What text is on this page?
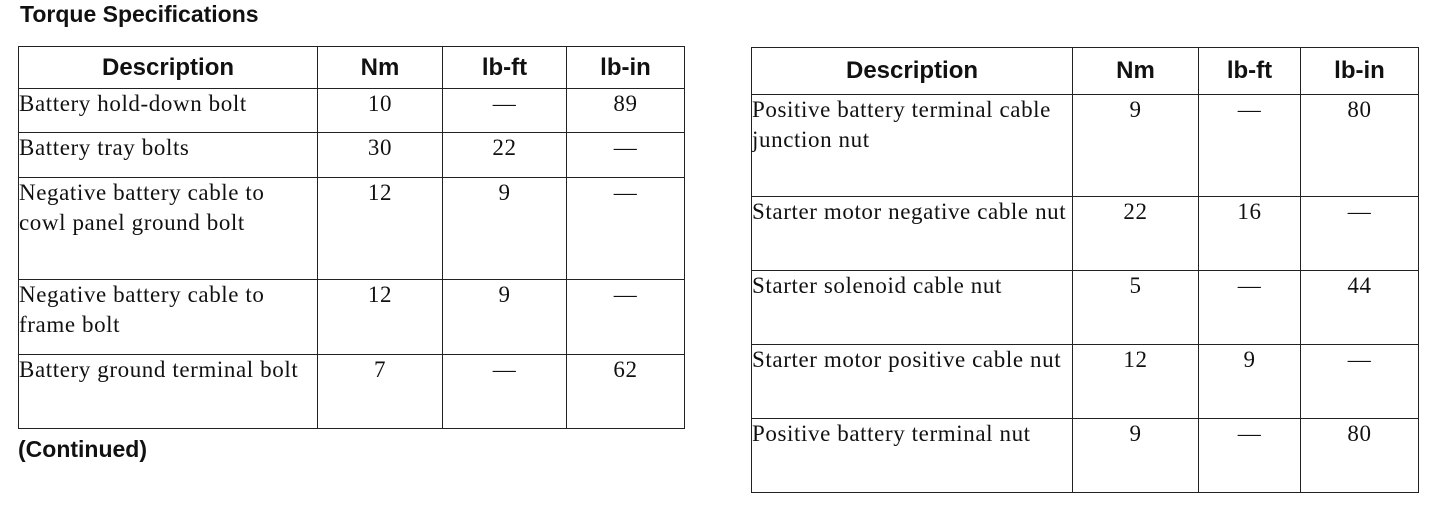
Torque Specifications
Description	Nm	lb-ft	lb-in
Battery hold-down bolt	10	—	89
Battery tray bolts	30	22	—
Negative battery cable to cowl panel ground bolt	12	9	—
Negative battery cable to frame bolt	12	9	—
Battery ground terminal bolt	7	—	62
(Continued)
Description	Nm	lb-ft	lb-in
Positive battery terminal cable junction nut	9	—	80
Starter motor negative cable nut	22	16	—
Starter solenoid cable nut	5	—	44
Starter motor positive cable nut	12	9	—
Positive battery terminal nut	9	—	80
